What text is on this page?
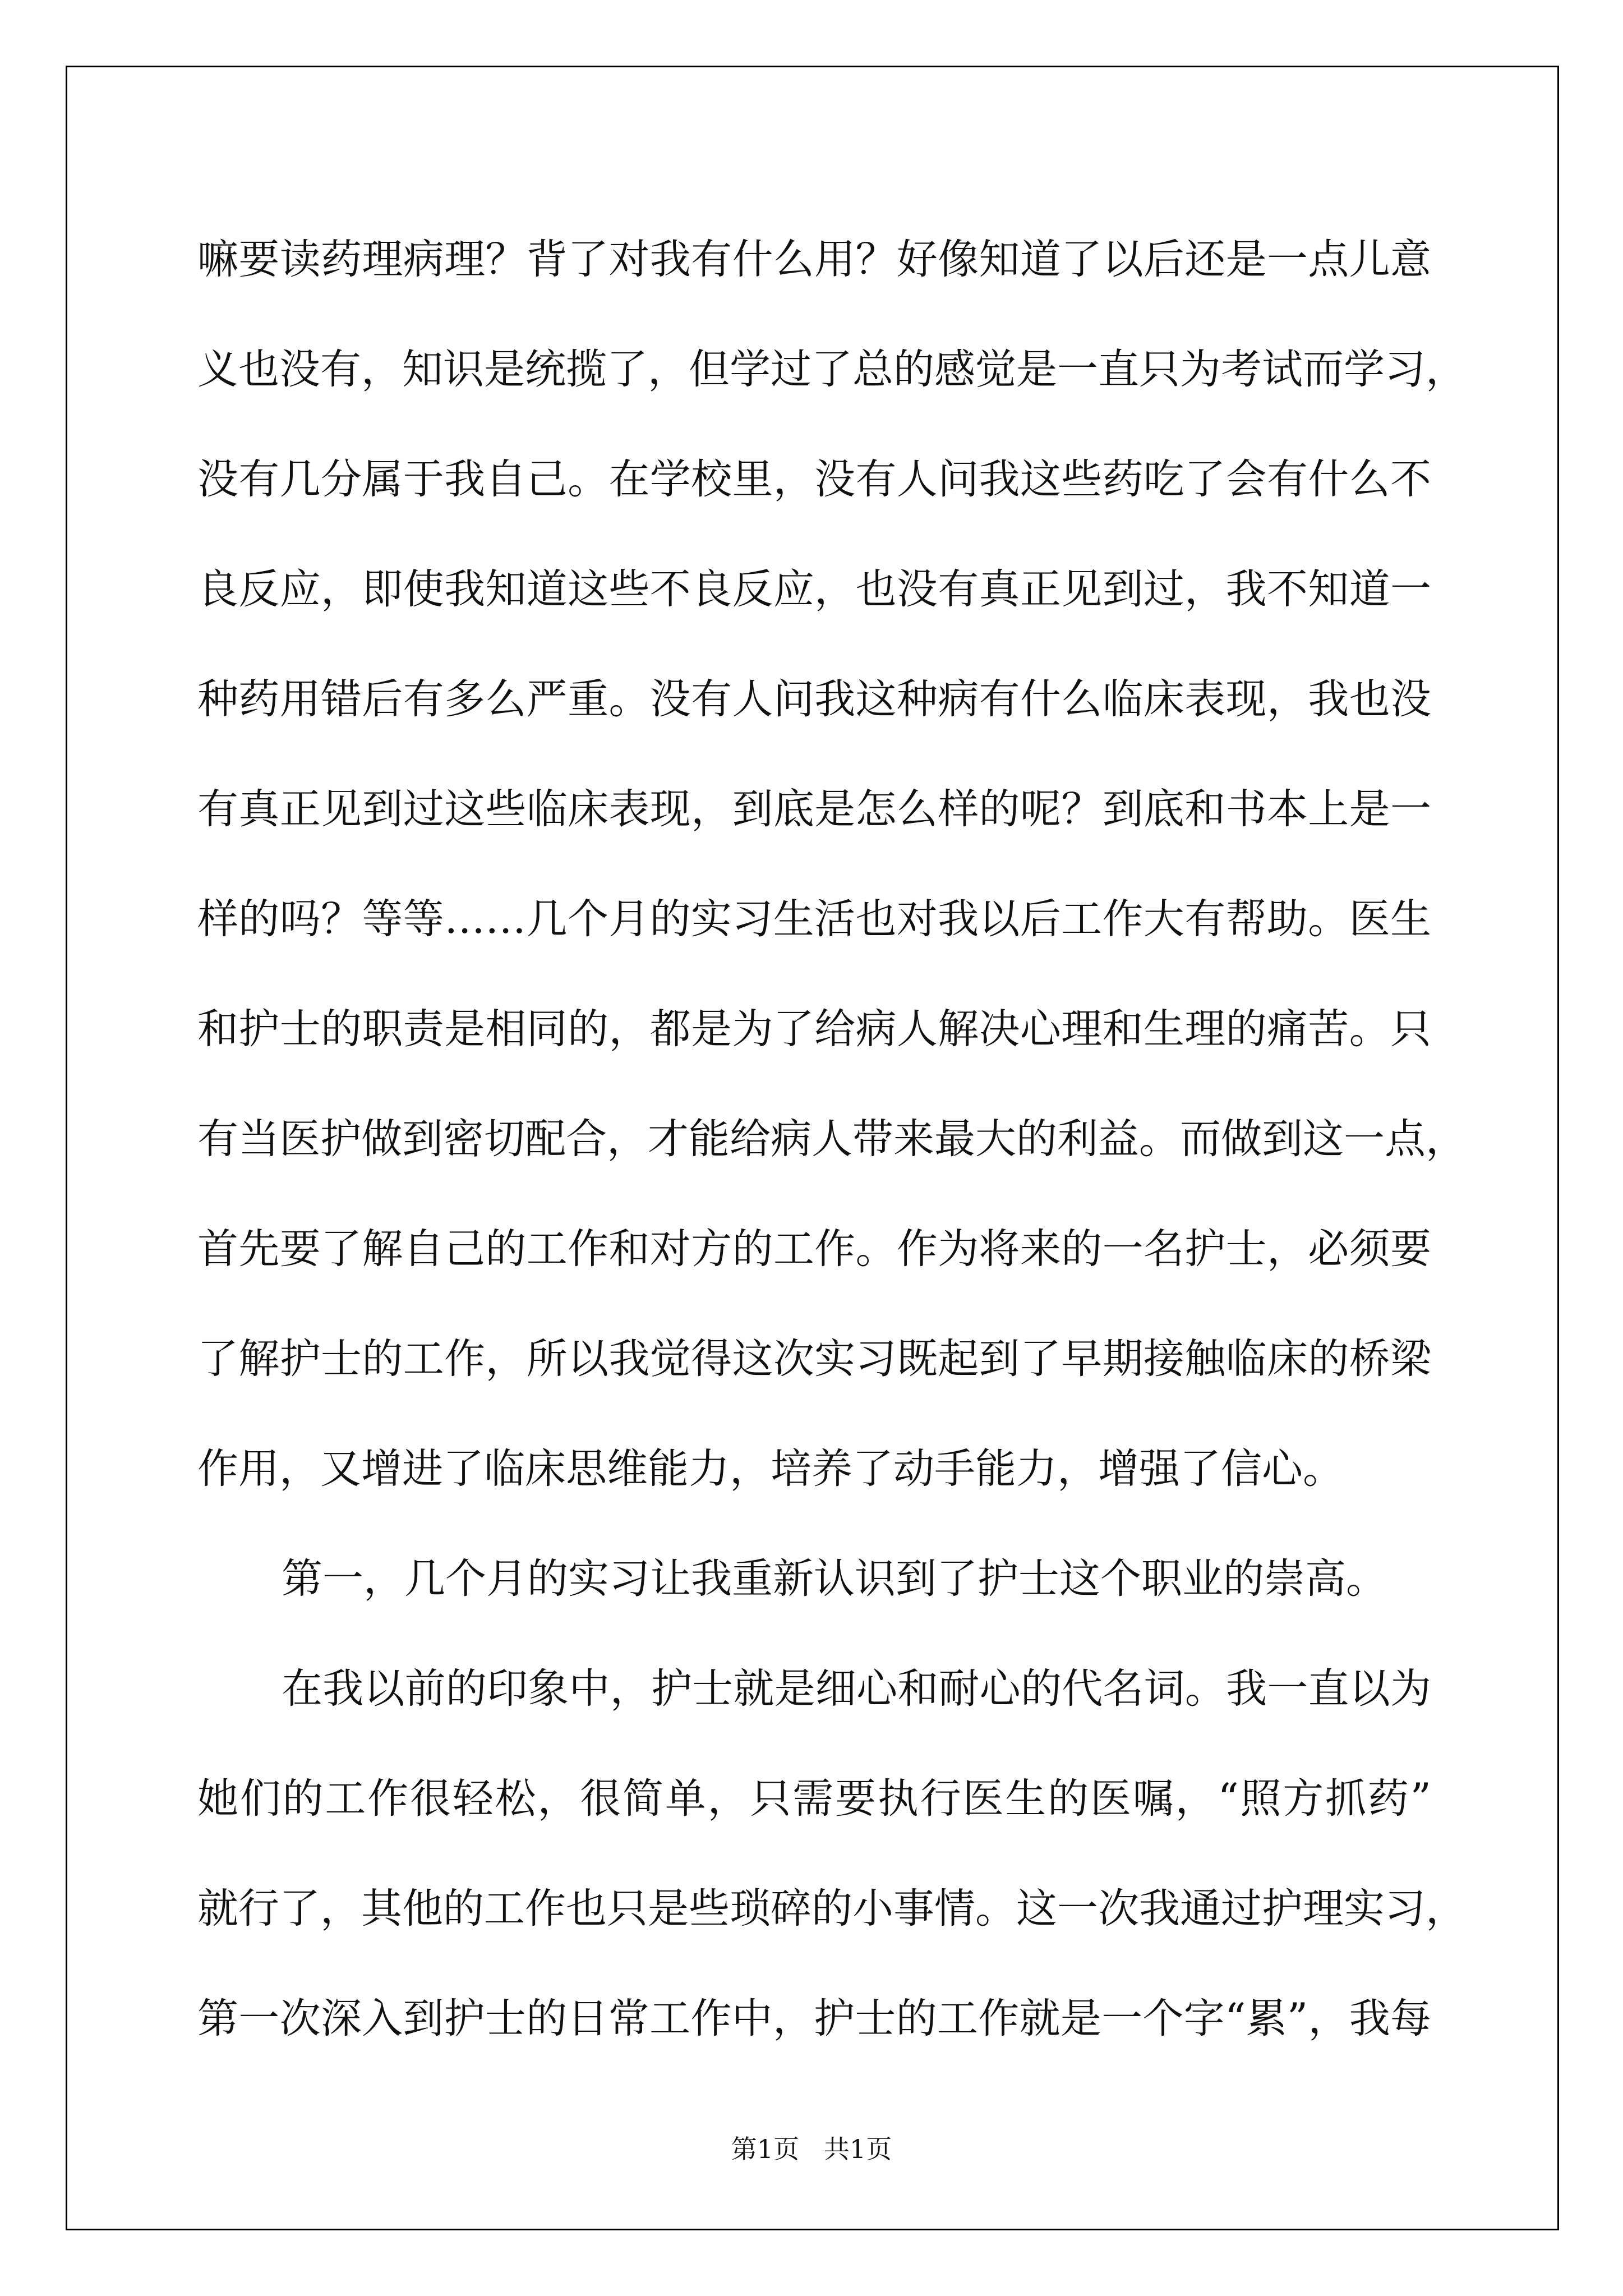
嘛要读药理病理？背了对我有什么用？好像知道了以后还是一点儿意
义也没有，知识是统揽了，但学过了总的感觉是一直只为考试而学习，
没有几分属于我自己。在学校里，没有人问我这些药吃了会有什么不
良反应，即使我知道这些不良反应，也没有真正见到过，我不知道一
种药用错后有多么严重。没有人问我这种病有什么临床表现，我也没
有真正见到过这些临床表现，到底是怎么样的呢？到底和书本上是一
样的吗？等等……几个月的实习生活也对我以后工作大有帮助。医生
和护士的职责是相同的，都是为了给病人解决心理和生理的痛苦。只
有当医护做到密切配合，才能给病人带来最大的利益。而做到这一点，
首先要了解自己的工作和对方的工作。作为将来的一名护士，必须要
了解护士的工作，所以我觉得这次实习既起到了早期接触临床的桥梁
作用，又增进了临床思维能力，培养了动手能力，增强了信心。
第一，几个月的实习让我重新认识到了护士这个职业的崇高。
在我以前的印象中，护士就是细心和耐心的代名词。我一直以为
她们的工作很轻松，很简单，只需要执行医生的医嘱，“照方抓药”
就行了，其他的工作也只是些琐碎的小事情。这一次我通过护理实习，
第一次深入到护士的日常工作中，护士的工作就是一个字“累”，我每
第1页   共1页
